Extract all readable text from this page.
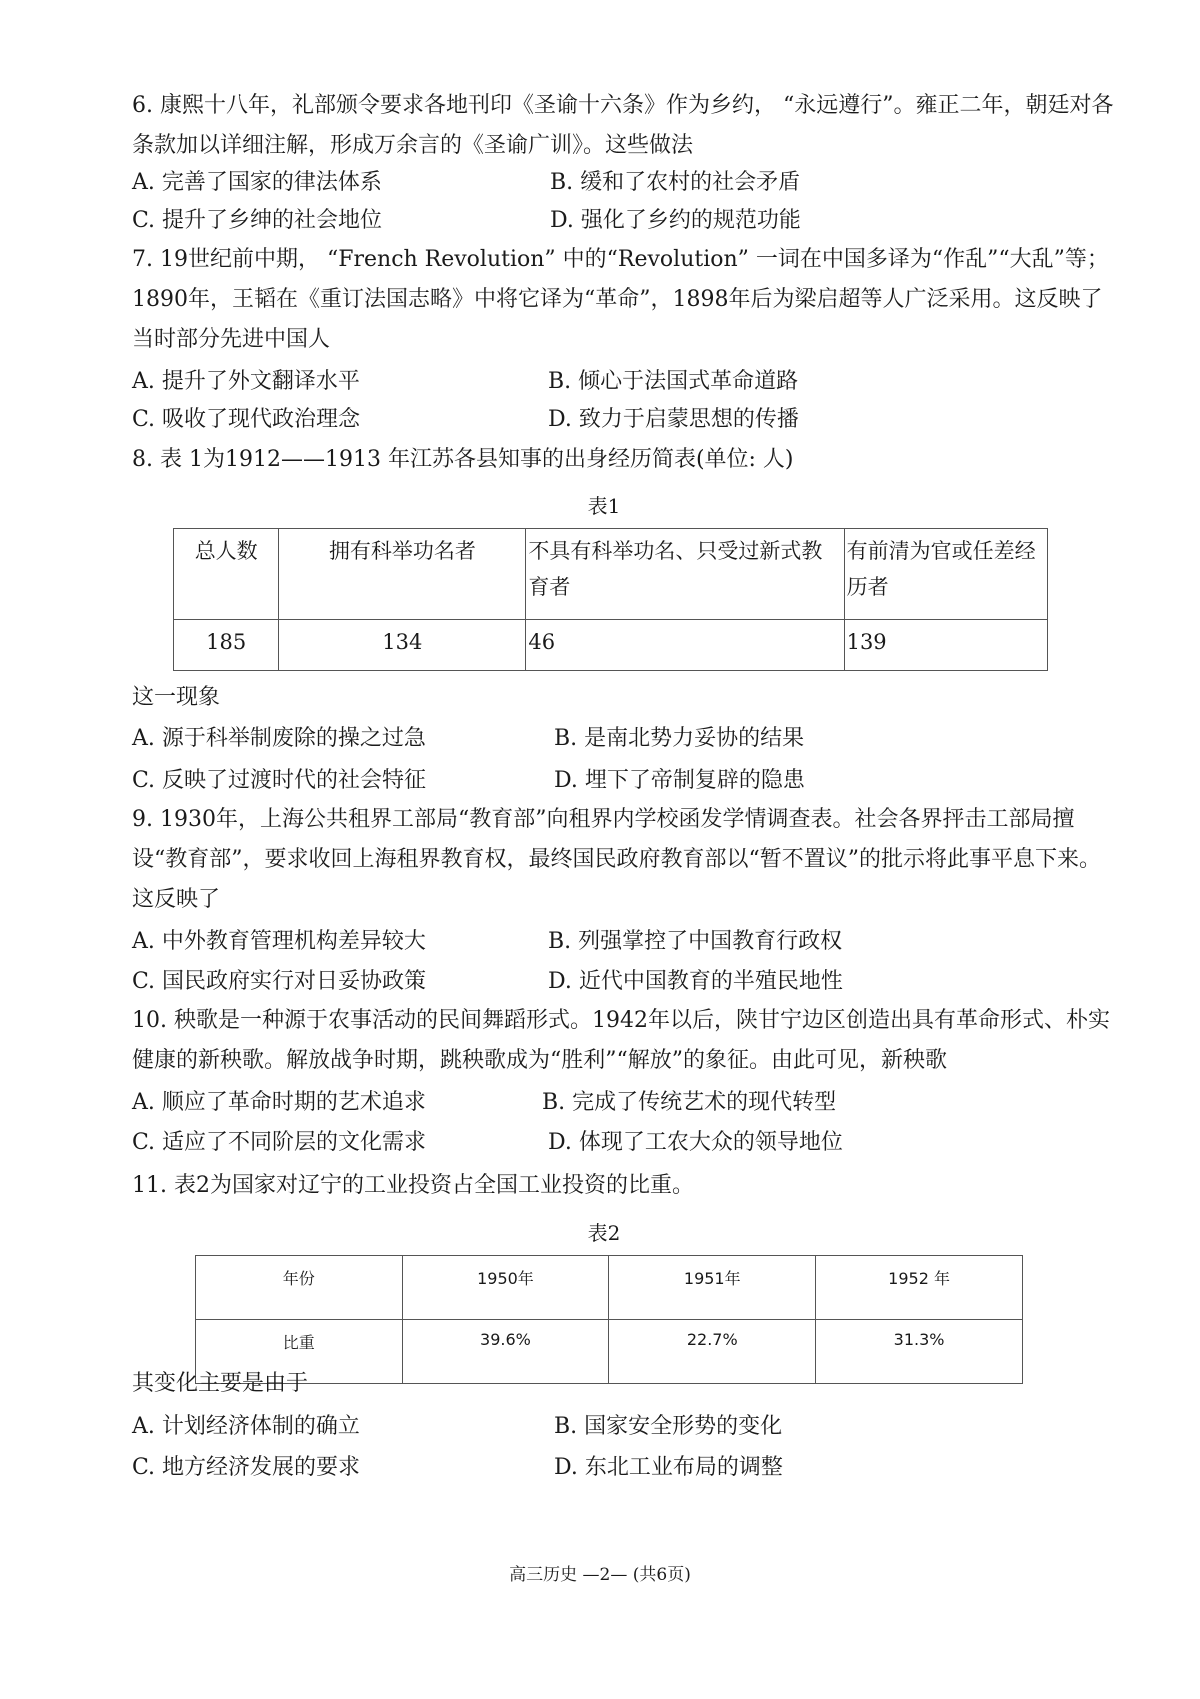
6. 康熙十八年，礼部颁令要求各地刊印《圣谕十六条》作为乡约， “永远遵行”。雍正二年，朝廷对各条款加以详细注解，形成万余言的《圣谕广训》。这些做法
A. 完善了国家的律法体系	B. 缓和了农村的社会矛盾
C. 提升了乡绅的社会地位	D. 强化了乡约的规范功能
7. 19世纪前中期， “French Revolution” 中的“Revolution” 一词在中国多译为“作乱”“大乱”等； 1890年，王韬在《重订法国志略》中将它译为“革命”，1898年后为梁启超等人广泛采用。这反映了当时部分先进中国人
A. 提升了外文翻译水平	B. 倾心于法国式革命道路
C. 吸收了现代政治理念	D. 致力于启蒙思想的传播
8. 表 1为1912——1913 年江苏各县知事的出身经历简表(单位: 人)
表1
总人数	拥有科举功名者	不具有科举功名、只受过新式教育者	有前清为官或任差经历者
185	134	46	139
这一现象
A. 源于科举制废除的操之过急	B. 是南北势力妥协的结果
C. 反映了过渡时代的社会特征	D. 埋下了帝制复辟的隐患
9. 1930年，上海公共租界工部局“教育部”向租界内学校函发学情调查表。社会各界抨击工部局擅设“教育部”，要求收回上海租界教育权，最终国民政府教育部以“暂不置议”的批示将此事平息下来。这反映了
A. 中外教育管理机构差异较大	B. 列强掌控了中国教育行政权
C. 国民政府实行对日妥协政策	D. 近代中国教育的半殖民地性
10. 秧歌是一种源于农事活动的民间舞蹈形式。1942年以后，陕甘宁边区创造出具有革命形式、朴实健康的新秧歌。解放战争时期，跳秧歌成为“胜利”“解放”的象征。由此可见，新秧歌
A. 顺应了革命时期的艺术追求	B. 完成了传统艺术的现代转型
C. 适应了不同阶层的文化需求	D. 体现了工农大众的领导地位
11. 表2为国家对辽宁的工业投资占全国工业投资的比重。
表2
年份	1950年	1951年	1952 年
比重	39.6%	22.7%	31.3%
其变化主要是由于
A. 计划经济体制的确立	B. 国家安全形势的变化
C. 地方经济发展的要求	D. 东北工业布局的调整
高三历史 —2— (共6页)
